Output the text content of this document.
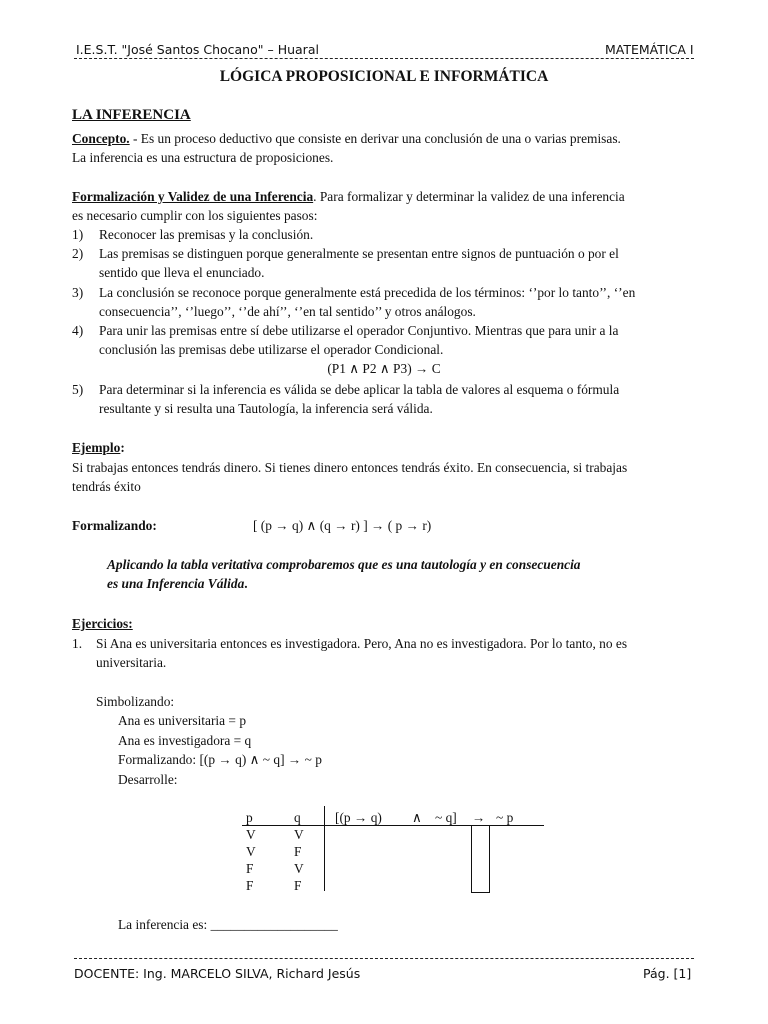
I.E.S.T. "José Santos Chocano" – Huaral	MATEMÁTICA I
LÓGICA PROPOSICIONAL E INFORMÁTICA
LA INFERENCIA
Concepto. - Es un proceso deductivo que consiste en derivar una conclusión de una o varias premisas.
La inferencia es una estructura de proposiciones.
Formalización y Validez de una Inferencia. Para formalizar y determinar la validez de una inferencia
es necesario cumplir con los siguientes pasos:
1)	Reconocer las premisas y la conclusión.
2)	Las premisas se distinguen porque generalmente se presentan entre signos de puntuación o por el
sentido que lleva el enunciado.
3)	La conclusión se reconoce porque generalmente está precedida de los términos: ‘’por lo tanto’’, ‘’en
consecuencia’’, ‘’luego’’, ‘’de ahí’’, ‘’en tal sentido’’ y otros análogos.
4)	Para unir las premisas entre sí debe utilizarse el operador Conjuntivo. Mientras que para unir a la
conclusión las premisas debe utilizarse el operador Condicional.
(P1 ∧ P2 ∧ P3) → C
5)	Para determinar si la inferencia es válida se debe aplicar la tabla de valores al esquema o fórmula
resultante y si resulta una Tautología, la inferencia será válida.
Ejemplo:
Si trabajas entonces tendrás dinero. Si tienes dinero entonces tendrás éxito. En consecuencia, si trabajas
tendrás éxito
Formalizando:	[ (p → q) ∧ (q → r) ] → ( p → r)
Aplicando la tabla veritativa comprobaremos que es una tautología y en consecuencia
es una Inferencia Válida.
Ejercicios:
1.	Si Ana es universitaria entonces es investigadora. Pero, Ana no es investigadora. Por lo tanto, no es
universitaria.
Simbolizando:
Ana es universitaria = p
Ana es investigadora = q
Formalizando: [(p → q) ∧ ~ q] → ~ p
Desarrolle:
p	q	[(p → q) ∧ ~ q] → ~ p
V	V
V	F
F	V
F	F
La inferencia es: ___________________
DOCENTE: Ing. MARCELO SILVA, Richard Jesús	Pág. [1]
